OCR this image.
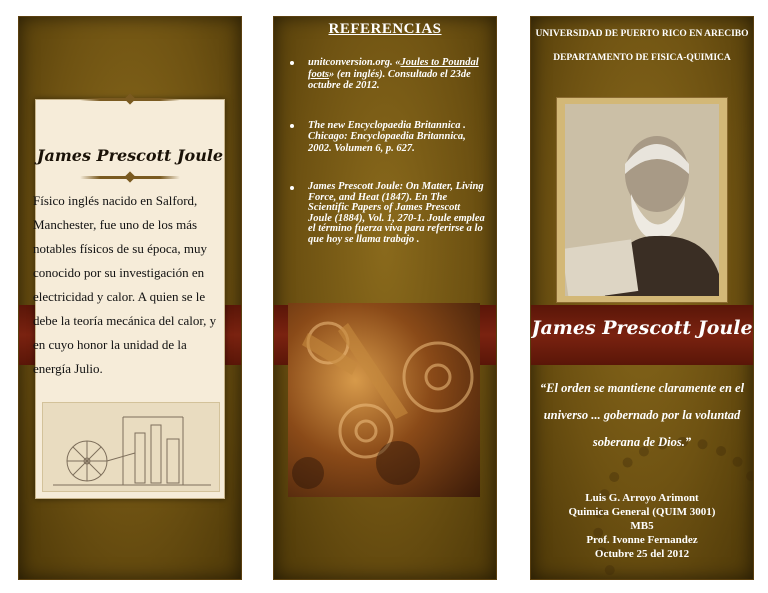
James Prescott Joule
Físico inglés nacido en Salford, Manchester, fue uno de los más notables físicos de su época, muy conocido por su investigación en electricidad y calor. A quien se le debe la teoría mecánica del calor, y en cuyo honor la unidad de la energía Julio.
REFERENCIAS
unitconversion.org. «Joules to Poundal foots» (en inglés). Consultado el 23de octubre de 2012.
The new Encyclopaedia Britannica . Chicago: Encyclopaedia Britannica, 2002. Volumen 6, p. 627.
James Prescott Joule: On Matter, Living Force, and Heat (1847). En The Scientific Papers of James Prescott Joule (1884), Vol. 1, 270-1. Joule emplea el término fuerza viva para referirse a lo que hoy se llama trabajo .
UNIVERSIDAD DE PUERTO RICO EN ARECIBO
DEPARTAMENTO DE FISICA-QUIMICA
James Prescott Joule
“El orden se mantiene claramente en el universo ... gobernado por la voluntad soberana de Dios.”
Luis G. Arroyo Arimont
Quimica General (QUIM 3001)
MB5
Prof. Ivonne Fernandez
Octubre 25 del 2012
